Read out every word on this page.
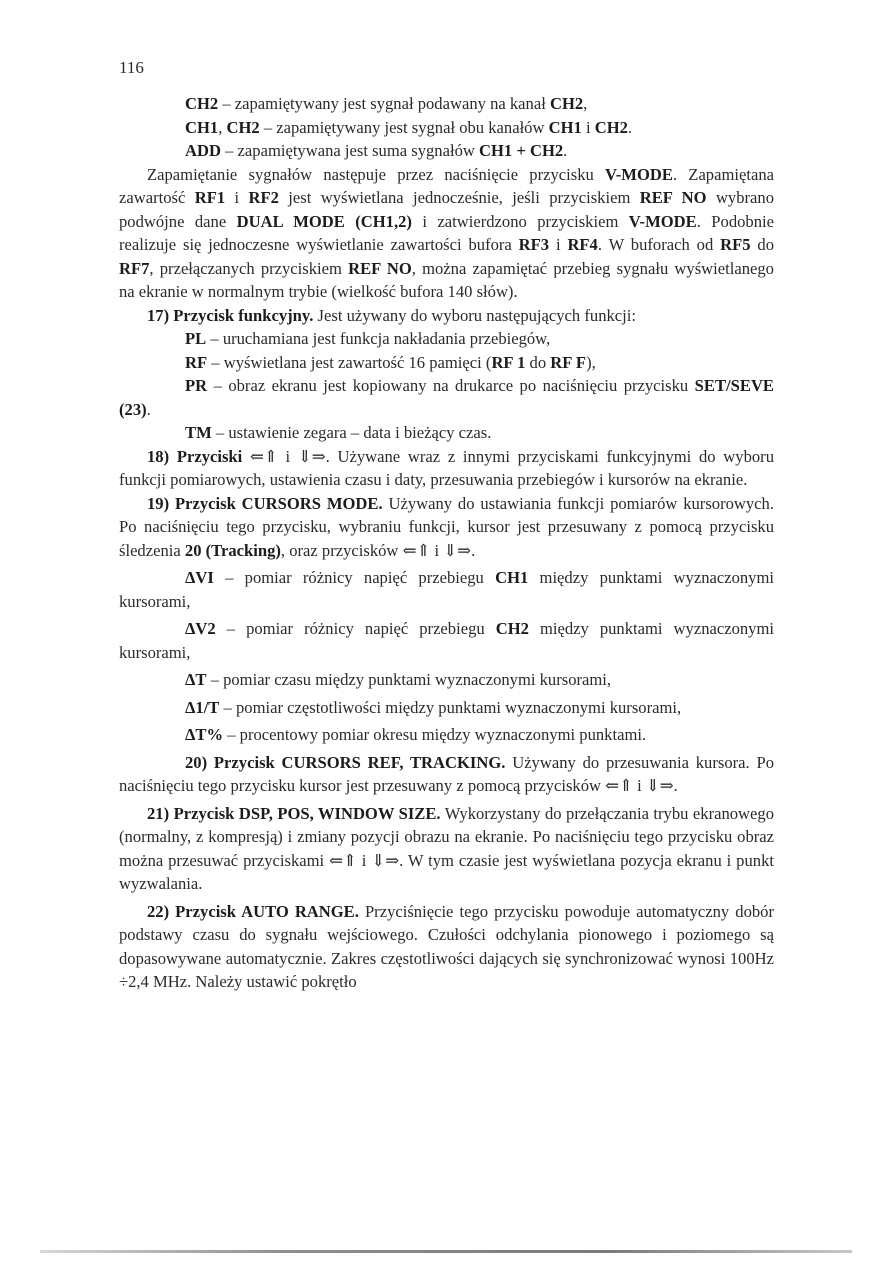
116

CH2 – zapamiętywany jest sygnał podawany na kanał CH2,

CH1, CH2 – zapamiętywany jest sygnał obu kanałów CH1 i CH2.

ADD – zapamiętywana jest suma sygnałów CH1 + CH2.

Zapamiętanie sygnałów następuje przez naciśnięcie przycisku V-MODE. Zapamiętana zawartość RF1 i RF2 jest wyświetlana jednocześnie, jeśli przyciskiem REF NO wybrano podwójne dane DUAL MODE (CH1,2) i zatwierdzono przyciskiem V-MODE. Podobnie realizuje się jednoczesne wyświetlanie zawartości bufora RF3 i RF4. W buforach od RF5 do RF7, przełączanych przyciskiem REF NO, można zapamiętać przebieg sygnału wyświetlanego na ekranie w normalnym trybie (wielkość bufora 140 słów).

17) Przycisk funkcyjny. Jest używany do wyboru następujących funkcji:

PL – uruchamiana jest funkcja nakładania przebiegów,

RF – wyświetlana jest zawartość 16 pamięci (RF 1 do RF F),

PR – obraz ekranu jest kopiowany na drukarce po naciśnięciu przycisku SET/SEVE (23).

TM – ustawienie zegara – data i bieżący czas.

18) Przyciski ⇐⇑ i ⇓⇒. Używane wraz z innymi przyciskami funkcyjnymi do wyboru funkcji pomiarowych, ustawienia czasu i daty, przesuwania przebiegów i kursorów na ekranie.

19) Przycisk CURSORS MODE. Używany do ustawiania funkcji pomiarów kursorowych. Po naciśnięciu tego przycisku, wybraniu funkcji, kursor jest przesuwany z pomocą przycisku śledzenia 20 (Tracking), oraz przycisków ⇐⇑ i ⇓⇒.

ΔVI – pomiar różnicy napięć przebiegu CH1 między punktami wyznaczonymi kursorami,

ΔV2 – pomiar różnicy napięć przebiegu CH2 między punktami wyznaczonymi kursorami,

ΔT – pomiar czasu między punktami wyznaczonymi kursorami,

Δ1/T – pomiar częstotliwości między punktami wyznaczonymi kursorami,

ΔT% – procentowy pomiar okresu między wyznaczonymi punktami.

20) Przycisk CURSORS REF, TRACKING. Używany do przesuwania kursora. Po naciśnięciu tego przycisku kursor jest przesuwany z pomocą przycisków ⇐⇑ i ⇓⇒.

21) Przycisk DSP, POS, WINDOW SIZE. Wykorzystany do przełączania trybu ekranowego (normalny, z kompresją) i zmiany pozycji obrazu na ekranie. Po naciśnięciu tego przycisku obraz można przesuwać przyciskami ⇐⇑ i ⇓⇒. W tym czasie jest wyświetlana pozycja ekranu i punkt wyzwalania.

22) Przycisk AUTO RANGE. Przyciśnięcie tego przycisku powoduje automatyczny dobór podstawy czasu do sygnału wejściowego. Czułości odchylania pionowego i poziomego są dopasowywane automatycznie. Zakres częstotliwości dających się synchronizować wynosi 100Hz ÷2,4 MHz. Należy ustawić pokrętło
